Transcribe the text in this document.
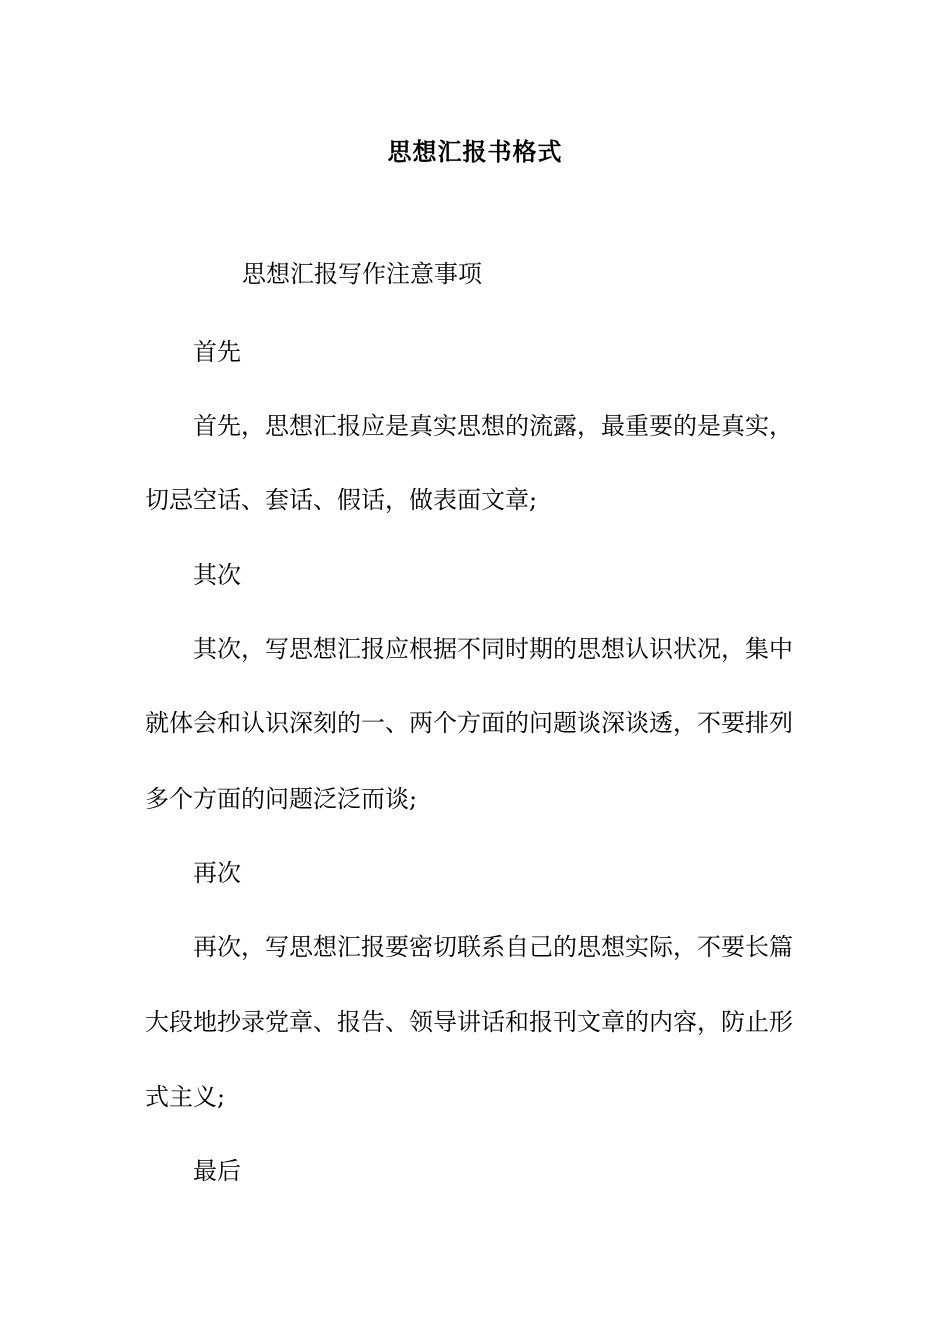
思想汇报书格式
思想汇报写作注意事项
首先
首先，思想汇报应是真实思想的流露，最重要的是真实，
切忌空话、套话、假话，做表面文章;
其次
其次，写思想汇报应根据不同时期的思想认识状况，集中
就体会和认识深刻的一、两个方面的问题谈深谈透，不要排列
多个方面的问题泛泛而谈;
再次
再次，写思想汇报要密切联系自己的思想实际，不要长篇
大段地抄录党章、报告、领导讲话和报刊文章的内容，防止形
式主义;
最后
